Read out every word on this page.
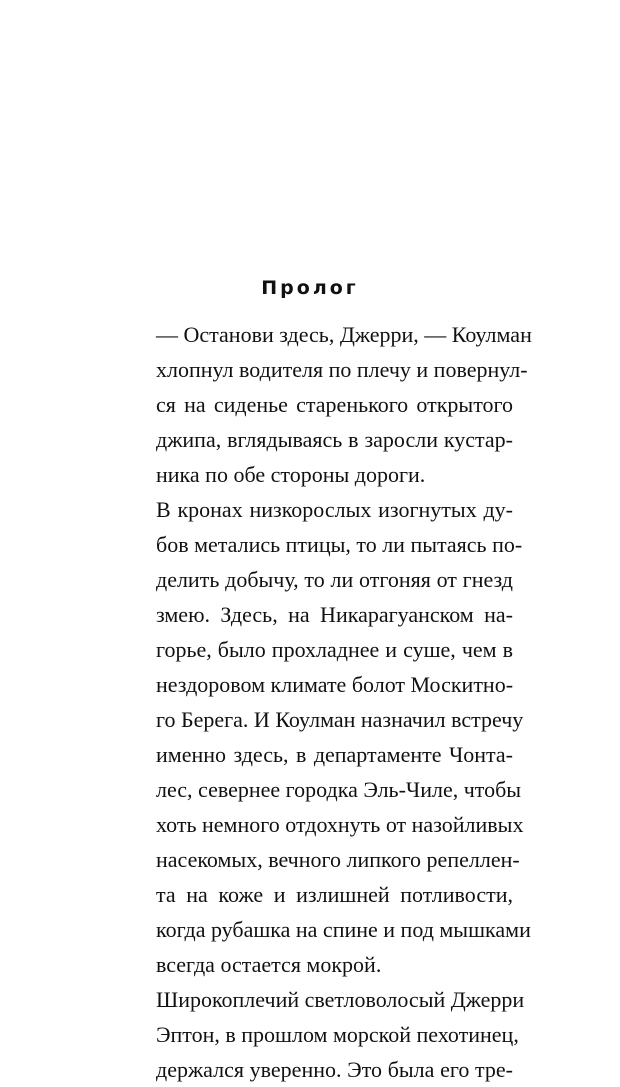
Пролог
— Останови здесь, Джерри, — Коулман
хлопнул водителя по плечу и повернул-
ся на сиденье старенького открытого
джипа, вглядываясь в заросли кустар-
ника по обе стороны дороги.
В кронах низкорослых изогнутых ду-
бов метались птицы, то ли пытаясь по-
делить добычу, то ли отгоняя от гнезд
змею. Здесь, на Никарагуанском на-
горье, было прохладнее и суше, чем в
нездоровом климате болот Москитно-
го Берега. И Коулман назначил встречу
именно здесь, в департаменте Чонта-
лес, севернее городка Эль-Чиле, чтобы
хоть немного отдохнуть от назойливых
насекомых, вечного липкого репеллен-
та на коже и излишней потливости,
когда рубашка на спине и под мышками
всегда остается мокрой.
Широкоплечий светловолосый Джерри
Эптон, в прошлом морской пехотинец,
держался уверенно. Это была его тре-
